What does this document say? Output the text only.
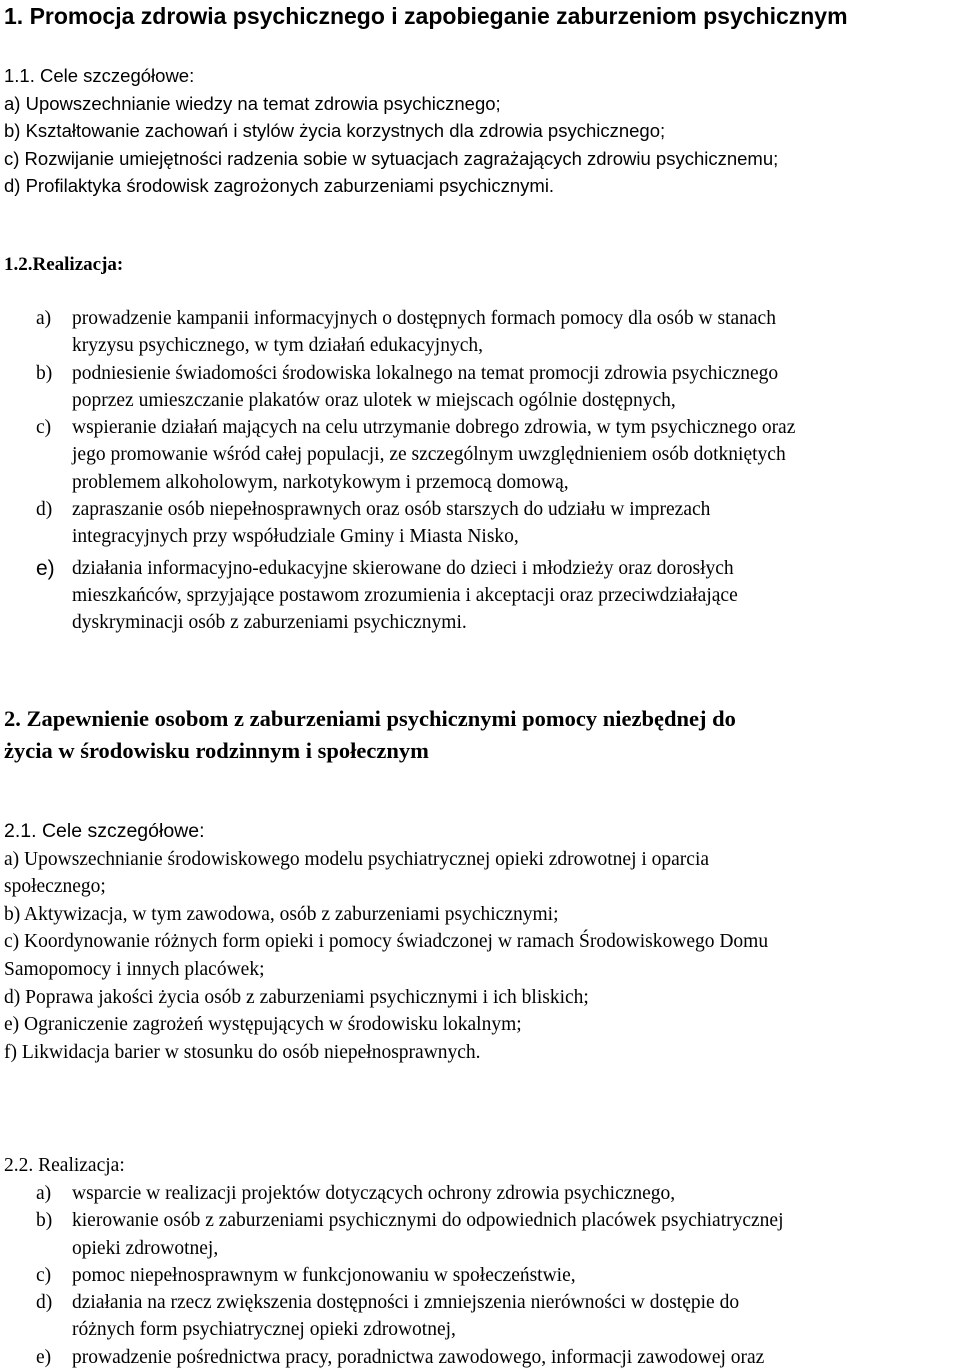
1. Promocja zdrowia psychicznego i zapobieganie zaburzeniom psychicznym
1.1. Cele szczegółowe:
a) Upowszechnianie wiedzy na temat zdrowia psychicznego;
b) Kształtowanie zachowań i stylów życia korzystnych dla zdrowia psychicznego;
c) Rozwijanie umiejętności radzenia sobie w sytuacjach zagrażających zdrowiu psychicznemu;
d) Profilaktyka środowisk zagrożonych zaburzeniami psychicznymi.
1.2.Realizacja:
a) prowadzenie kampanii informacyjnych o dostępnych formach pomocy dla osób w stanach
kryzysu psychicznego, w tym działań edukacyjnych,
b) podniesienie świadomości środowiska lokalnego na temat promocji zdrowia psychicznego
poprzez umieszczanie plakatów oraz ulotek w miejscach ogólnie dostępnych,
c) wspieranie działań mających na celu utrzymanie dobrego zdrowia, w tym psychicznego oraz
jego promowanie wśród całej populacji, ze szczególnym uwzględnieniem osób dotkniętych
problemem alkoholowym, narkotykowym i przemocą domową,
d) zapraszanie osób niepełnosprawnych oraz osób starszych do udziału w imprezach
integracyjnych przy współudziale Gminy i Miasta Nisko,
e) działania informacyjno-edukacyjne skierowane do dzieci i młodzieży oraz dorosłych
mieszkańców, sprzyjające postawom zrozumienia i akceptacji oraz przeciwdziałające
dyskryminacji osób z zaburzeniami psychicznymi.
2. Zapewnienie osobom z zaburzeniami psychicznymi pomocy niezbędnej do
życia w środowisku rodzinnym i społecznym
2.1. Cele szczegółowe:
a) Upowszechnianie środowiskowego modelu psychiatrycznej opieki zdrowotnej i oparcia
społecznego;
b) Aktywizacja, w tym zawodowa, osób z zaburzeniami psychicznymi;
c) Koordynowanie różnych form opieki i pomocy świadczonej w ramach Środowiskowego Domu
Samopomocy i innych placówek;
d) Poprawa jakości życia osób z zaburzeniami psychicznymi i ich bliskich;
e) Ograniczenie zagrożeń występujących w środowisku lokalnym;
f) Likwidacja barier w stosunku do osób niepełnosprawnych.
2.2. Realizacja:
a) wsparcie w realizacji projektów dotyczących ochrony zdrowia psychicznego,
b) kierowanie osób z zaburzeniami psychicznymi do odpowiednich placówek psychiatrycznej
opieki zdrowotnej,
c) pomoc niepełnosprawnym w funkcjonowaniu w społeczeństwie,
d) działania na rzecz zwiększenia dostępności i zmniejszenia nierówności w dostępie do
różnych form psychiatrycznej opieki zdrowotnej,
e) prowadzenie pośrednictwa pracy, poradnictwa zawodowego, informacji zawodowej oraz
